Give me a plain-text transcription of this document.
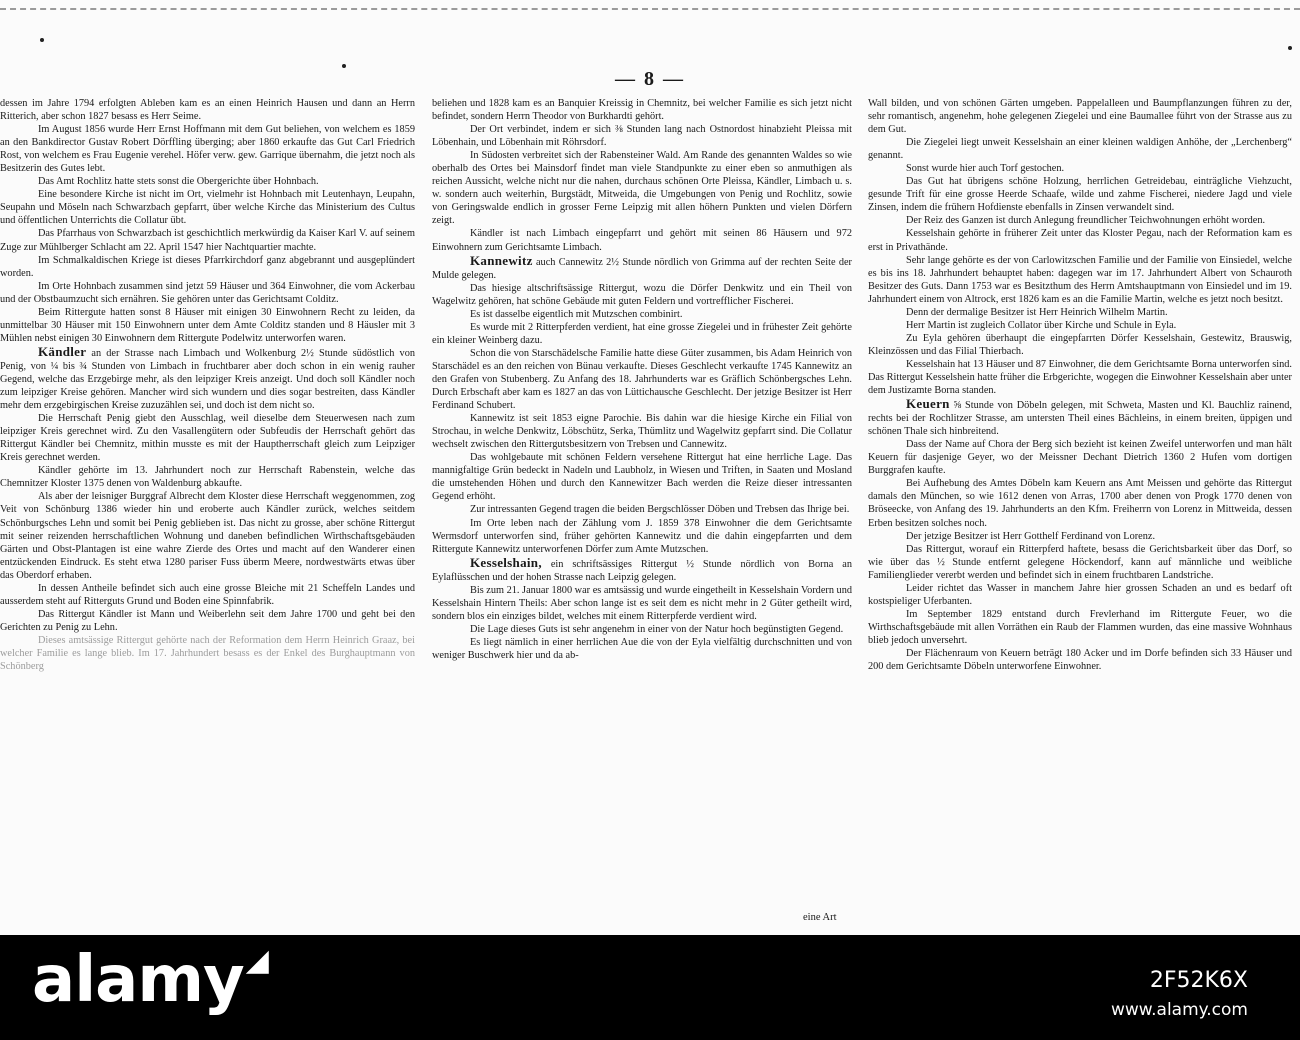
— 8 —

dessen im Jahre 1794 erfolgten Ableben kam es an einen Heinrich Hausen und dann an Herrn Ritterich, aber schon 1827 besass es Herr Seime.

Im August 1856 wurde Herr Ernst Hoffmann mit dem Gut beliehen, von welchem es 1859 an den Bankdirector Gustav Robert Dörffling überging; aber 1860 erkaufte das Gut Carl Friedrich Rost, von welchem es Frau Eugenie verehel. Höfer verw. gew. Garrique übernahm, die jetzt noch als Besitzerin des Gutes lebt.

Das Amt Rochlitz hatte stets sonst die Obergerichte über Hohnbach.

Eine besondere Kirche ist nicht im Ort, vielmehr ist Hohnbach mit Leutenhayn, Leupahn, Seupahn und Möseln nach Schwarzbach gepfarrt, über welche Kirche das Ministerium des Cultus und öffentlichen Unterrichts die Collatur übt.

Das Pfarrhaus von Schwarzbach ist geschichtlich merkwürdig da Kaiser Karl V. auf seinem Zuge zur Mühlberger Schlacht am 22. April 1547 hier Nachtquartier machte.

Im Schmalkaldischen Kriege ist dieses Pfarrkirchdorf ganz abgebrannt und ausgeplündert worden.

Im Orte Hohnbach zusammen sind jetzt 59 Häuser und 364 Einwohner, die vom Ackerbau und der Obstbaumzucht sich ernähren. Sie gehören unter das Gerichtsamt Colditz.

Beim Rittergute hatten sonst 8 Häuser mit einigen 30 Einwohnern Recht zu leiden, da unmittelbar 30 Häuser mit 150 Einwohnern unter dem Amte Colditz standen und 8 Häusler mit 3 Mühlen nebst einigen 30 Einwohnern dem Rittergute Podelwitz unterworfen waren.

Kändler an der Strasse nach Limbach und Wolkenburg 2½ Stunde südöstlich von Penig, von ¼ bis ¾ Stunden von Limbach in fruchtbarer aber doch schon in ein wenig rauher Gegend, welche das Erzgebirge mehr, als den leipziger Kreis anzeigt. Und doch soll Kändler noch zum leipziger Kreise gehören. Mancher wird sich wundern und dies sogar bestreiten, dass Kändler mehr dem erzgebirgischen Kreise zuzuzählen sei, und doch ist dem nicht so.

Die Herrschaft Penig giebt den Ausschlag, weil dieselbe dem Steuerwesen nach zum leipziger Kreis gerechnet wird. Zu den Vasallengütern oder Subfeudis der Herrschaft gehört das Rittergut Kändler bei Chemnitz, mithin musste es mit der Hauptherrschaft gleich zum Leipziger Kreis gerechnet werden.

Kändler gehörte im 13. Jahrhundert noch zur Herrschaft Rabenstein, welche das Chemnitzer Kloster 1375 denen von Waldenburg abkaufte.

Als aber der leisniger Burggraf Albrecht dem Kloster diese Herrschaft weggenommen, zog Veit von Schönburg 1386 wieder hin und eroberte auch Kändler zurück, welches seitdem Schönburgsches Lehn und somit bei Penig geblieben ist. Das nicht zu grosse, aber schöne Rittergut mit seiner reizenden herrschaftlichen Wohnung und daneben befindlichen Wirthschaftsgebäuden Gärten und Obst-Plantagen ist eine wahre Zierde des Ortes und macht auf den Wanderer einen entzückenden Eindruck. Es steht etwa 1280 pariser Fuss überm Meere, nordwestwärts etwas über das Oberdorf erhaben.

In dessen Antheile befindet sich auch eine grosse Bleiche mit 21 Scheffeln Landes und ausserdem steht auf Ritterguts Grund und Boden eine Spinnfabrik.

Das Rittergut Kändler ist Mann und Weiberlehn seit dem Jahre 1700 und geht bei den Gerichten zu Penig zu Lehn.

Dieses amtsässige Rittergut gehörte nach der Reformation dem Herrn Heinrich Graaz, bei welcher Familie es lange blieb. Im 17. Jahrhundert besass es der Enkel des Burghauptmann von Schönberg

beliehen und 1828 kam es an Banquier Kreissig in Chemnitz, bei welcher Familie es sich jetzt nicht befindet, sondern Herrn Theodor von Burkhardti gehört.

Der Ort verbindet, indem er sich ⅜ Stunden lang nach Ostnordost hinabzieht Pleissa mit Löbenhain, und Löbenhain mit Röhrsdorf.

In Südosten verbreitet sich der Rabensteiner Wald. Am Rande des genannten Waldes so wie oberhalb des Ortes bei Mainsdorf findet man viele Standpunkte zu einer eben so anmuthigen als reichen Aussicht, welche nicht nur die nahen, durchaus schönen Orte Pleissa, Kändler, Limbach u. s. w. sondern auch weiterhin, Burgstädt, Mitweida, die Umgebungen von Penig und Rochlitz, sowie von Geringswalde endlich in grosser Ferne Leipzig mit allen höhern Punkten und vielen Dörfern zeigt.

Kändler ist nach Limbach eingepfarrt und gehört mit seinen 86 Häusern und 972 Einwohnern zum Gerichtsamte Limbach.

Kannewitz auch Cannewitz 2½ Stunde nördlich von Grimma auf der rechten Seite der Mulde gelegen.

Das hiesige altschriftsässige Rittergut, wozu die Dörfer Denkwitz und ein Theil von Wagelwitz gehören, hat schöne Gebäude mit guten Feldern und vortrefflicher Fischerei.

Es ist dasselbe eigentlich mit Mutzschen combinirt.

Es wurde mit 2 Ritterpferden verdient, hat eine grosse Ziegelei und in frühester Zeit gehörte ein kleiner Weinberg dazu.

Schon die von Starschädelsche Familie hatte diese Güter zusammen, bis Adam Heinrich von Starschädel es an den reichen von Bünau verkaufte. Dieses Geschlecht verkaufte 1745 Kannewitz an den Grafen von Stubenberg. Zu Anfang des 18. Jahrhunderts war es Gräflich Schönbergsches Lehn. Durch Erbschaft aber kam es 1827 an das von Lüttichausche Geschlecht. Der jetzige Besitzer ist Herr Ferdinand Schubert.

Kannewitz ist seit 1853 eigne Parochie. Bis dahin war die hiesige Kirche ein Filial von Strochau, in welche Denkwitz, Löbschütz, Serka, Thümlitz und Wagelwitz gepfarrt sind. Die Collatur wechselt zwischen den Rittergutsbesitzern von Trebsen und Cannewitz.

Das wohlgebaute mit schönen Feldern versehene Rittergut hat eine herrliche Lage. Das mannigfaltige Grün bedeckt in Nadeln und Laubholz, in Wiesen und Triften, in Saaten und Mosland die umstehenden Höhen und durch den Kannewitzer Bach werden die Reize dieser intressanten Gegend erhöht.

Zur intressanten Gegend tragen die beiden Bergschlösser Döben und Trebsen das Ihrige bei.

Im Orte leben nach der Zählung vom J. 1859 378 Einwohner die dem Gerichtsamte Wermsdorf unterworfen sind, früher gehörten Kannewitz und die dahin eingepfarrten und dem Rittergute Kannewitz unterworfenen Dörfer zum Amte Mutzschen.

Kesselshain, ein schriftsässiges Rittergut ½ Stunde nördlich von Borna an Eylaflüsschen und der hohen Strasse nach Leipzig gelegen.

Bis zum 21. Januar 1800 war es amtsässig und wurde eingetheilt in Kesselshain Vordern und Kesselshain Hintern Theils: Aber schon lange ist es seit dem es nicht mehr in 2 Güter getheilt wird, sondern blos ein einziges bildet, welches mit einem Ritterpferde verdient wird.

Die Lage dieses Guts ist sehr angenehm in einer von der Natur hoch begünstigten Gegend.

Es liegt nämlich in einer herrlichen Aue die von der Eyla vielfältig durchschnitten und von weniger Buschwerk hier und da ab-

Wall bilden, und von schönen Gärten umgeben. Pappelalleen und Baumpflanzungen führen zu der, sehr romantisch, angenehm, hohe gelegenen Ziegelei und eine Baumallee führt von der Strasse aus zu dem Gut.

Die Ziegelei liegt unweit Kesselshain an einer kleinen waldigen Anhöhe, der „Lerchenberg“ genannt.

Sonst wurde hier auch Torf gestochen.

Das Gut hat übrigens schöne Holzung, herrlichen Getreidebau, einträgliche Viehzucht, gesunde Trift für eine grosse Heerde Schaafe, wilde und zahme Fischerei, niedere Jagd und viele Zinsen, indem die frühern Hofdienste ebenfalls in Zinsen verwandelt sind.

Der Reiz des Ganzen ist durch Anlegung freundlicher Teichwohnungen erhöht worden.

Kesselshain gehörte in früherer Zeit unter das Kloster Pegau, nach der Reformation kam es erst in Privathände.

Sehr lange gehörte es der von Carlowitzschen Familie und der Familie von Einsiedel, welche es bis ins 18. Jahrhundert behauptet haben: dagegen war im 17. Jahrhundert Albert von Schauroth Besitzer des Guts. Dann 1753 war es Besitzthum des Herrn Amtshauptmann von Einsiedel und im 19. Jahrhundert einem von Altrock, erst 1826 kam es an die Familie Martin, welche es jetzt noch besitzt.

Denn der dermalige Besitzer ist Herr Heinrich Wilhelm Martin.

Herr Martin ist zugleich Collator über Kirche und Schule in Eyla.

Zu Eyla gehören überhaupt die eingepfarrten Dörfer Kesselshain, Gestewitz, Brauswig, Kleinzössen und das Filial Thierbach.

Kesselshain hat 13 Häuser und 87 Einwohner, die dem Gerichtsamte Borna unterworfen sind. Das Rittergut Kesselshein hatte früher die Erbgerichte, wogegen die Einwohner Kesselshain aber unter dem Justizamte Borna standen.

Keuern ⅝ Stunde von Döbeln gelegen, mit Schweta, Masten und Kl. Bauchliz rainend, rechts bei der Rochlitzer Strasse, am untersten Theil eines Bächleins, in einem breiten, üppigen und schönen Thale sich hinbreitend.

Dass der Name auf Chora der Berg sich bezieht ist keinen Zweifel unterworfen und man hält Keuern für dasjenige Geyer, wo der Meissner Dechant Dietrich 1360 2 Hufen vom dortigen Burggrafen kaufte.

Bei Aufhebung des Amtes Döbeln kam Keuern ans Amt Meissen und gehörte das Rittergut damals den München, so wie 1612 denen von Arras, 1700 aber denen von Progk 1770 denen von Bröseecke, von Anfang des 19. Jahrhunderts an den Kfm. Freiherrn von Lorenz in Mittweida, dessen Erben besitzen solches noch.

Der jetzige Besitzer ist Herr Gotthelf Ferdinand von Lorenz.

Das Rittergut, worauf ein Ritterpferd haftete, besass die Gerichtsbarkeit über das Dorf, so wie über das ½ Stunde entfernt gelegene Höckendorf, kann auf männliche und weibliche Familienglieder vererbt werden und befindet sich in einem fruchtbaren Landstriche.

Leider richtet das Wasser in manchem Jahre hier grossen Schaden an und es bedarf oft kostspieliger Uferbanten.

Im September 1829 entstand durch Frevlerhand im Rittergute Feuer, wo die Wirthschaftsgebäude mit allen Vorräthen ein Raub der Flammen wurden, das eine massive Wohnhaus blieb jedoch unversehrt.

Der Flächenraum von Keuern beträgt 180 Acker und im Dorfe befinden sich 33 Häuser und 200 dem Gerichtsamte Döbeln unterworfene Einwohner.

eine Art
alamy◢
2F52K6X
www.alamy.com
